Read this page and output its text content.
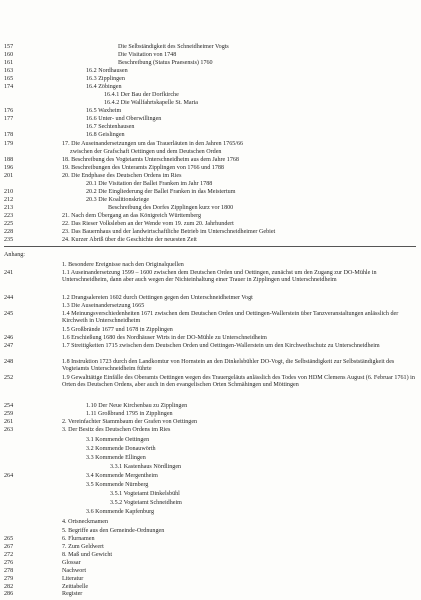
157	Die Selbständigkeit des Schneidheimer Vogts
160	Die Visitation von 1748
161	Beschreibung (Status Praesensis) 1760
163	16.2 Nordhausen
165	16.3 Zipplingen
174	16.4 Zöbingen
16.4.1 Der Bau der Dorfkirche
16.4.2 Die Wallfahrtskapelle St. Maria
176	16.5 Waxheim
177	16.6 Unter- und Oberwillingen
16.7 Sechtenhausen
178	16.8 Geislingen
179	17. Die Auseinandersetzungen um das Trauerläuten in den Jahren 1765/66
zwischen der Grafschaft Oettingen und dem Deutschen Orden
188	18. Beschreibung des Vogteiamts Unterschneidheim aus dem Jahre 1768
196	19. Beschreibungen des Unteramts Zipplingen von 1766 und 1788
201	20. Die Endphase des Deutschen Ordens im Ries
20.1 Die Visitation der Ballei Franken im Jahr 1788
210	20.2 Die Eingliederung der Ballei Franken in das Meistertum
212	20.3 Die Koalitionskriege
213	Beschreibung des Dorfes Zipplingen kurz vor 1800
223	21. Nach dem Übergang an das Königreich Württemberg
225	22. Das Rieser Volksleben an der Wende vom 19. zum 20. Jahrhundert
228	23. Das Bauernhaus und der landwirtschaftliche Betrieb im Unterschneidheimer Gebiet
235	24. Kurzer Abriß über die Geschichte der neuesten Zeit
Anhang:
1. Besondere Ereignisse nach den Originalquellen
241	1.1 Auseinandersetzung 1599 – 1600 zwischen dem Deutschen Orden und Oettingen, zunächst um den Zugang zur DO-Mühle in Unterschneidheim, dann aber auch wegen der Nichteinhaltung einer Trauer in Zipplingen und Unterschneidheim
244	1.2 Drangsalereien 1602 durch Oettingen gegen den Unterschneidheimer Vogt
1.3 Die Auseinandersetzung 1665
245	1.4 Meinungsverschiedenheiten 1671 zwischen dem Deutschen Orden und Oettingen-Wallerstein über Tanzveranstaltungen anlässlich der Kirchweih in Unterschneidheim
1.5 Großbrände 1677 und 1678 in Zipplingen
246	1.6 Erschießung 1680 des Nordhäuser Wirts in der DO-Mühle zu Unterschneidheim
247	1.7 Streitigkeiten 1715 zwischen dem Deutschen Orden und Oettingen-Wallerstein um den Kirchweihschutz zu Unterschneidheim
248	1.8 Instruktion 1723 durch den Landkomtur von Hornstein an den Dinkelsbühler DO-Vogt, die Selbständigkeit zur Selbstständigkeit des Vogteiamts Unterschneidheim führte
252	1.9 Gewalttätige Einfälle des Oberamts Oettingen wegen des Trauergeläuts anlässlich des Todes von HDM Clemens August (6. Februar 1761) in Orten des Deutschen Ordens, aber auch in den evangelischen Orten Schmähingen und Möttingen
254	1.10 Der Neue Kirchenbau zu Zipplingen
259	1.11 Großbrand 1795 in Zipplingen
261	2. Vereinfachter Stammbaum der Grafen von Oettingen
263	3. Der Besitz des Deutschen Ordens im Ries
3.1 Kommende Oettingen
3.2 Kommende Donauwörth
3.3 Kommende Ellingen
3.3.1 Kastenhaus Nördlingen
264	3.4 Kommende Mergentheim
3.5 Kommende Nürnberg
3.5.1 Vogteiamt Dinkelsbühl
3.5.2 Vogteiamt Schneidheim
3.6 Kommende Kapfenburg
4. Ortsneckmamen
5. Begriffe aus den Gemeinde-Ordnungen
265	6. Flurnamen
267	7. Zum Geldwert
272	8. Maß und Gewicht
276	Glossar
278	Nachwort
279	Literatur
282	Zeittabelle
286	Register
